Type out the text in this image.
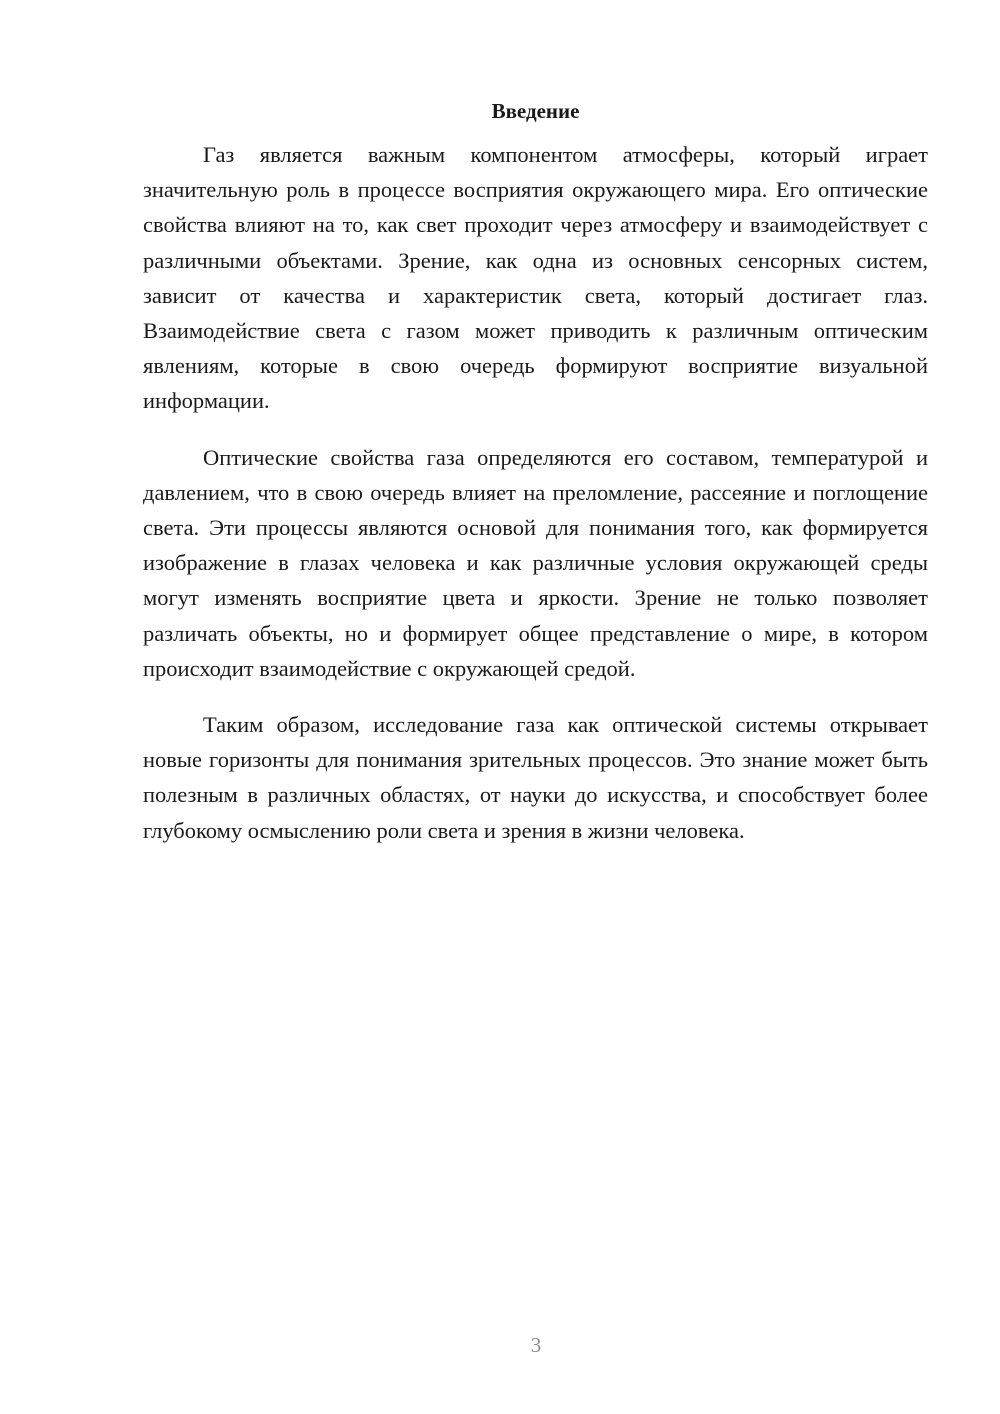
Введение

Газ является важным компонентом атмосферы, который играет значительную роль в процессе восприятия окружающего мира. Его оптические свойства влияют на то, как свет проходит через атмосферу и взаимодействует с различными объектами. Зрение, как одна из основных сенсорных систем, зависит от качества и характеристик света, который достигает глаз. Взаимодействие света с газом может приводить к различным оптическим явлениям, которые в свою очередь формируют восприятие визуальной информации.

Оптические свойства газа определяются его составом, температурой и давлением, что в свою очередь влияет на преломление, рассеяние и поглощение света. Эти процессы являются основой для понимания того, как формируется изображение в глазах человека и как различные условия окружающей среды могут изменять восприятие цвета и яркости. Зрение не только позволяет различать объекты, но и формирует общее представление о мире, в котором происходит взаимодействие с окружающей средой.

Таким образом, исследование газа как оптической системы открывает новые горизонты для понимания зрительных процессов. Это знание может быть полезным в различных областях, от науки до искусства, и способствует более глубокому осмыслению роли света и зрения в жизни человека.

3
